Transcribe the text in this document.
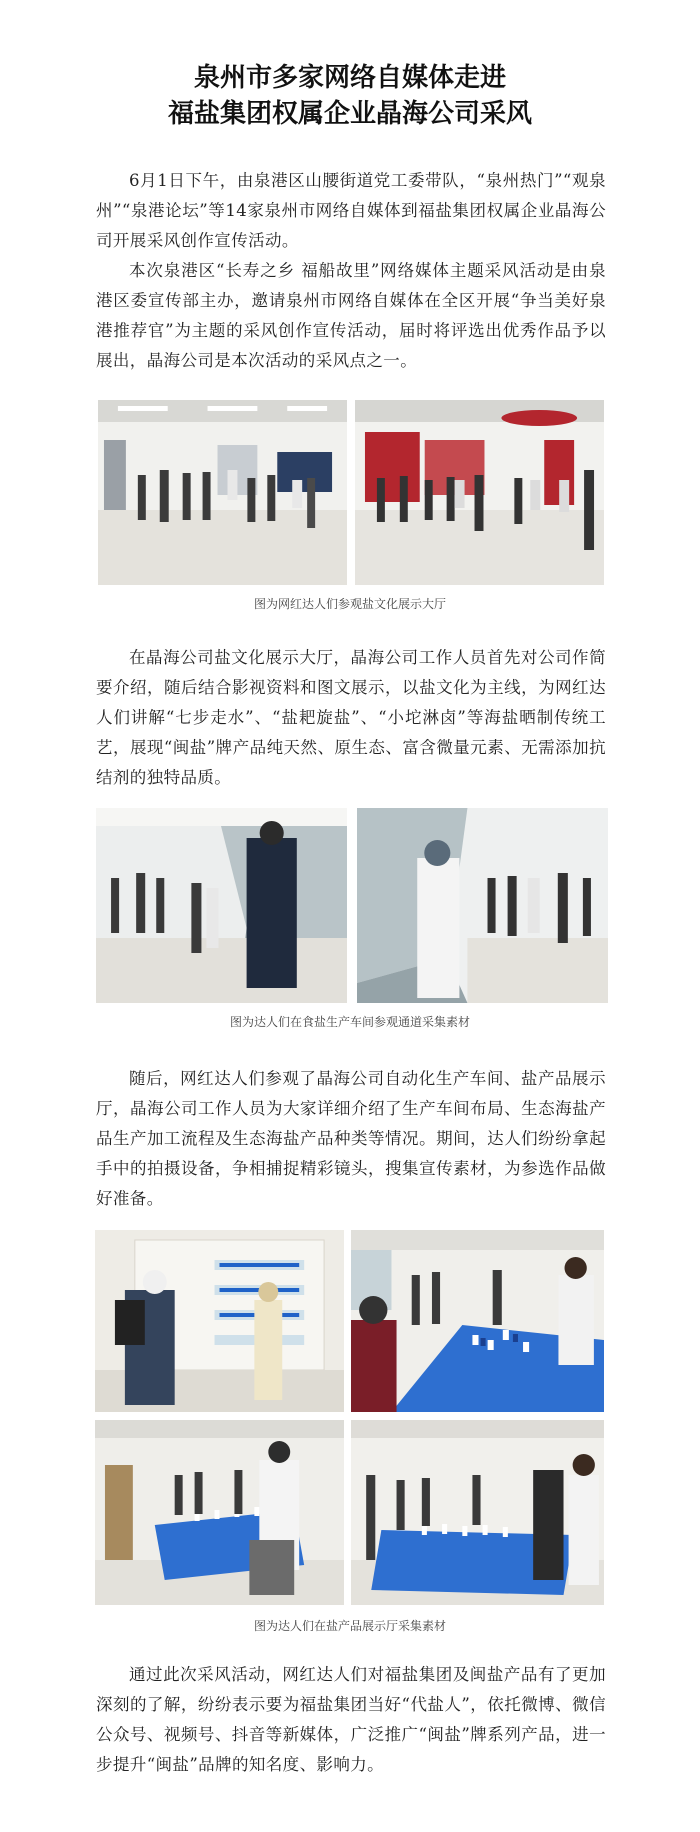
泉州市多家网络自媒体走进
福盐集团权属企业晶海公司采风

6月1日下午，由泉港区山腰街道党工委带队，“泉州热门”“观泉州”“泉港论坛”等14家泉州市网络自媒体到福盐集团权属企业晶海公司开展采风创作宣传活动。

本次泉港区“长寿之乡 福船故里”网络媒体主题采风活动是由泉港区委宣传部主办，邀请泉州市网络自媒体在全区开展“争当美好泉港推荐官”为主题的采风创作宣传活动，届时将评选出优秀作品予以展出，晶海公司是本次活动的采风点之一。

图为网红达人们参观盐文化展示大厅

在晶海公司盐文化展示大厅，晶海公司工作人员首先对公司作简要介绍，随后结合影视资料和图文展示，以盐文化为主线，为网红达人们讲解“七步走水”、“盐耙旋盐”、“小坨淋卤”等海盐晒制传统工艺，展现“闽盐”牌产品纯天然、原生态、富含微量元素、无需添加抗结剂的独特品质。

图为达人们在食盐生产车间参观通道采集素材

随后，网红达人们参观了晶海公司自动化生产车间、盐产品展示厅，晶海公司工作人员为大家详细介绍了生产车间布局、生态海盐产品生产加工流程及生态海盐产品种类等情况。期间，达人们纷纷拿起手中的拍摄设备，争相捕捉精彩镜头，搜集宣传素材，为参选作品做好准备。

图为达人们在盐产品展示厅采集素材

通过此次采风活动，网红达人们对福盐集团及闽盐产品有了更加深刻的了解，纷纷表示要为福盐集团当好“代盐人”，依托微博、微信公众号、视频号、抖音等新媒体，广泛推广“闽盐”牌系列产品，进一步提升“闽盐”品牌的知名度、影响力。
